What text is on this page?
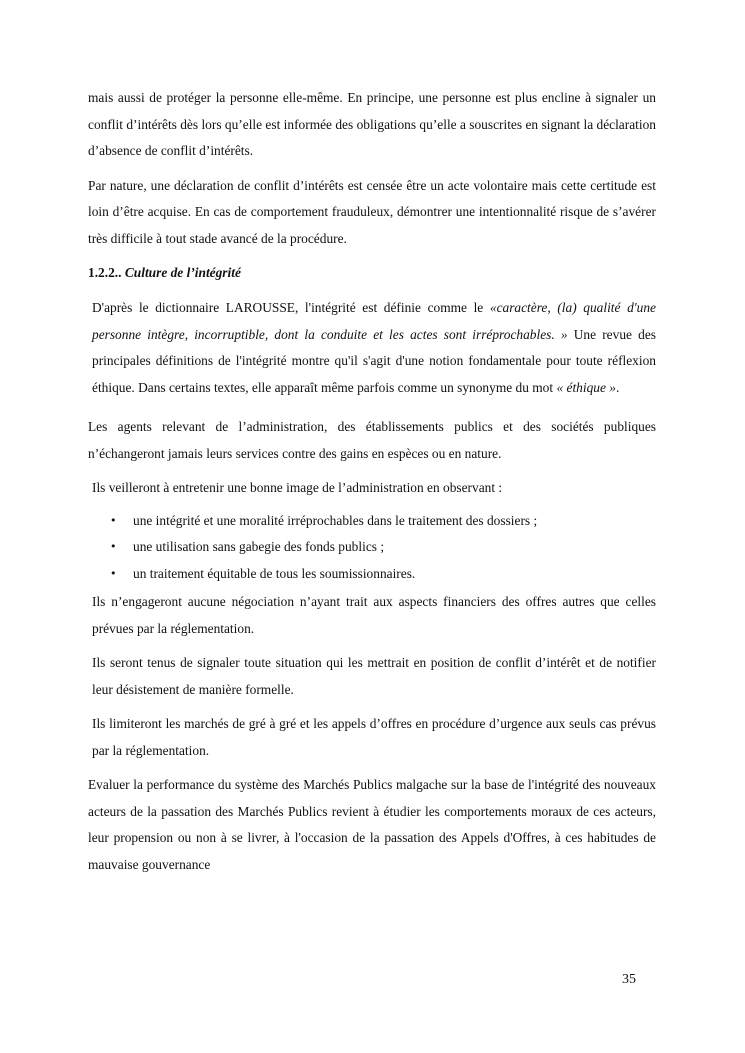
mais aussi de protéger la personne elle-même. En principe, une personne est plus encline à signaler un conflit d’intérêts dès lors qu’elle est informée des obligations qu’elle a souscrites en signant la déclaration d’absence de conflit d’intérêts.

Par nature, une déclaration de conflit d’intérêts est censée être un acte volontaire mais cette certitude est loin d’être acquise. En cas de comportement frauduleux, démontrer une intentionnalité risque de s’avérer très difficile à tout stade avancé de la procédure.

1.2.2.. Culture de l’intégrité

D'après le dictionnaire LAROUSSE, l'intégrité est définie comme le «caractère, (la) qualité d'une personne intègre, incorruptible, dont la conduite et les actes sont irréprochables. » Une revue des principales définitions de l'intégrité montre qu'il s'agit d'une notion fondamentale pour toute réflexion éthique. Dans certains textes, elle apparaît même parfois comme un synonyme du mot « éthique ».

Les agents relevant de l’administration, des établissements publics et des sociétés publiques n’échangeront jamais leurs services contre des gains en espèces ou en nature.

Ils veilleront à entretenir une bonne image de l’administration en observant :

• une intégrité et une moralité irréprochables dans le traitement des dossiers ;
• une utilisation sans gabegie des fonds publics ;
• un traitement équitable de tous les soumissionnaires.

Ils n’engageront aucune négociation n’ayant trait aux aspects financiers des offres autres que celles prévues par la réglementation.

Ils seront tenus de signaler toute situation qui les mettrait en position de conflit d’intérêt et de notifier leur désistement de manière formelle.

Ils limiteront les marchés de gré à gré et les appels d’offres en procédure d’urgence aux seuls cas prévus par la réglementation.

Evaluer la performance du système des Marchés Publics malgache sur la base de l'intégrité des nouveaux acteurs de la passation des Marchés Publics revient à étudier les comportements moraux de ces acteurs, leur propension ou non à se livrer, à l'occasion de la passation des Appels d'Offres, à ces habitudes de mauvaise gouvernance

35
